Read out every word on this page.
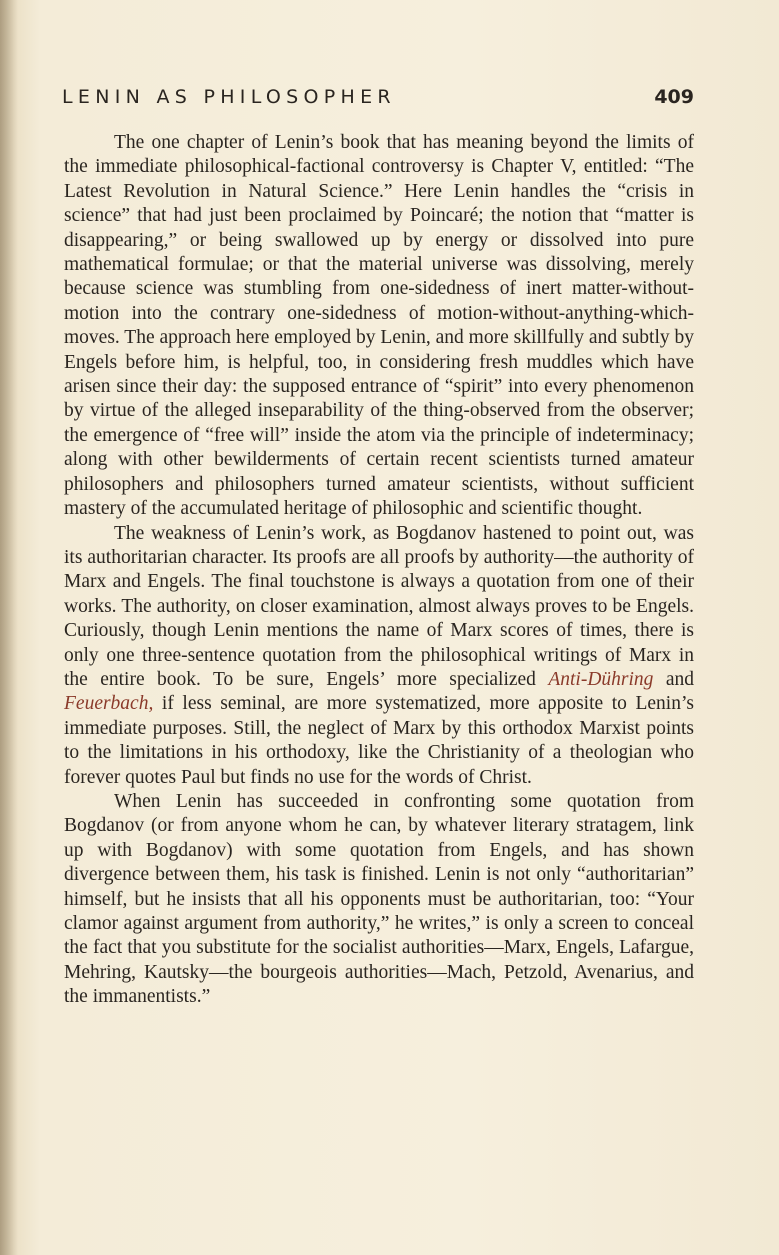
LENIN AS PHILOSOPHER	409

The one chapter of Lenin’s book that has meaning beyond the limits of the immediate philosophical-factional controversy is Chapter V, entitled: “The Latest Revolution in Natural Science.” Here Lenin handles the “crisis in science” that had just been proclaimed by Poincaré; the notion that “matter is disappearing,” or being swallowed up by energy or dissolved into pure mathematical formulae; or that the material universe was dissolving, merely because science was stumbling from one-sidedness of inert matter-without-motion into the contrary one-sidedness of motion-without-anything-which-moves. The approach here employed by Lenin, and more skillfully and subtly by Engels before him, is helpful, too, in considering fresh muddles which have arisen since their day: the supposed entrance of “spirit” into every phenomenon by virtue of the alleged inseparability of the thing-observed from the observer; the emergence of “free will” inside the atom via the principle of indeterminacy; along with other bewilderments of certain recent scientists turned amateur philosophers and philosophers turned amateur scientists, without sufficient mastery of the accumulated heritage of philosophic and scientific thought.

The weakness of Lenin’s work, as Bogdanov hastened to point out, was its authoritarian character. Its proofs are all proofs by authority—the authority of Marx and Engels. The final touchstone is always a quotation from one of their works. The authority, on closer examination, almost always proves to be Engels. Curiously, though Lenin mentions the name of Marx scores of times, there is only one three-sentence quotation from the philosophical writings of Marx in the entire book. To be sure, Engels’ more specialized Anti-Dühring and Feuerbach, if less seminal, are more systematized, more apposite to Lenin’s immediate purposes. Still, the neglect of Marx by this orthodox Marxist points to the limitations in his orthodoxy, like the Christianity of a theologian who forever quotes Paul but finds no use for the words of Christ.

When Lenin has succeeded in confronting some quotation from Bogdanov (or from anyone whom he can, by whatever literary stratagem, link up with Bogdanov) with some quotation from Engels, and has shown divergence between them, his task is finished. Lenin is not only “authoritarian” himself, but he insists that all his opponents must be authoritarian, too: “Your clamor against argument from authority,” he writes,” is only a screen to conceal the fact that you substitute for the socialist authorities—Marx, Engels, Lafargue, Mehring, Kautsky—the bourgeois authorities—Mach, Petzold, Avenarius, and the immanentists.”
